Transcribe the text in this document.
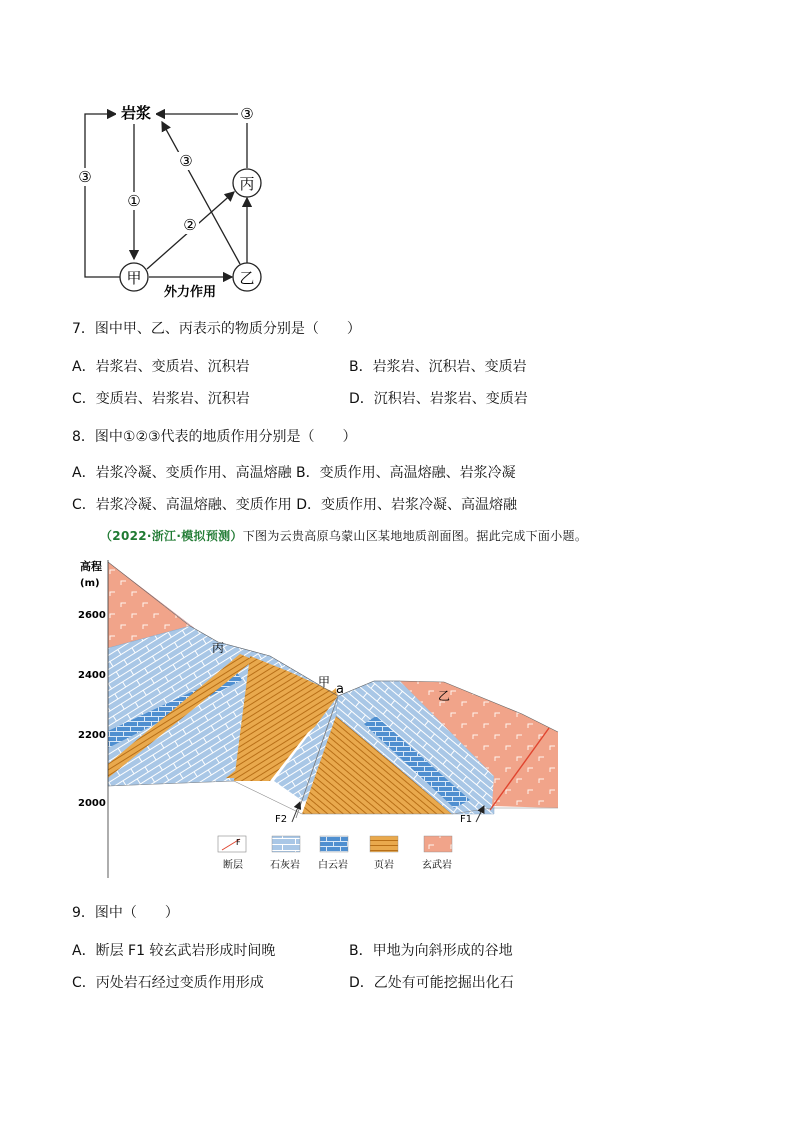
岩浆
甲
丙
乙
③
①
②
③
③
外力作用
7．图中甲、乙、丙表示的物质分别是（　　）
A．岩浆岩、变质岩、沉积岩	B．岩浆岩、沉积岩、变质岩
C．变质岩、岩浆岩、沉积岩	D．沉积岩、岩浆岩、变质岩
8．图中①②③代表的地质作用分别是（　　）
A．岩浆冷凝、变质作用、高温熔融 B．变质作用、高温熔融、岩浆冷凝
C．岩浆冷凝、高温熔融、变质作用 D．变质作用、岩浆冷凝、高温熔融
（2022·浙江·模拟预测）下图为云贵高原乌蒙山区某地地质剖面图。据此完成下面小题。
高程
(m)
2600
2400
2200
2000
丙
甲 a	乙
F2	F1
F
断层	石灰岩 白云岩	页岩	玄武岩
9．图中（　　）
A．断层 F1 较玄武岩形成时间晚	B．甲地为向斜形成的谷地
C．丙处岩石经过变质作用形成	D．乙处有可能挖掘出化石
